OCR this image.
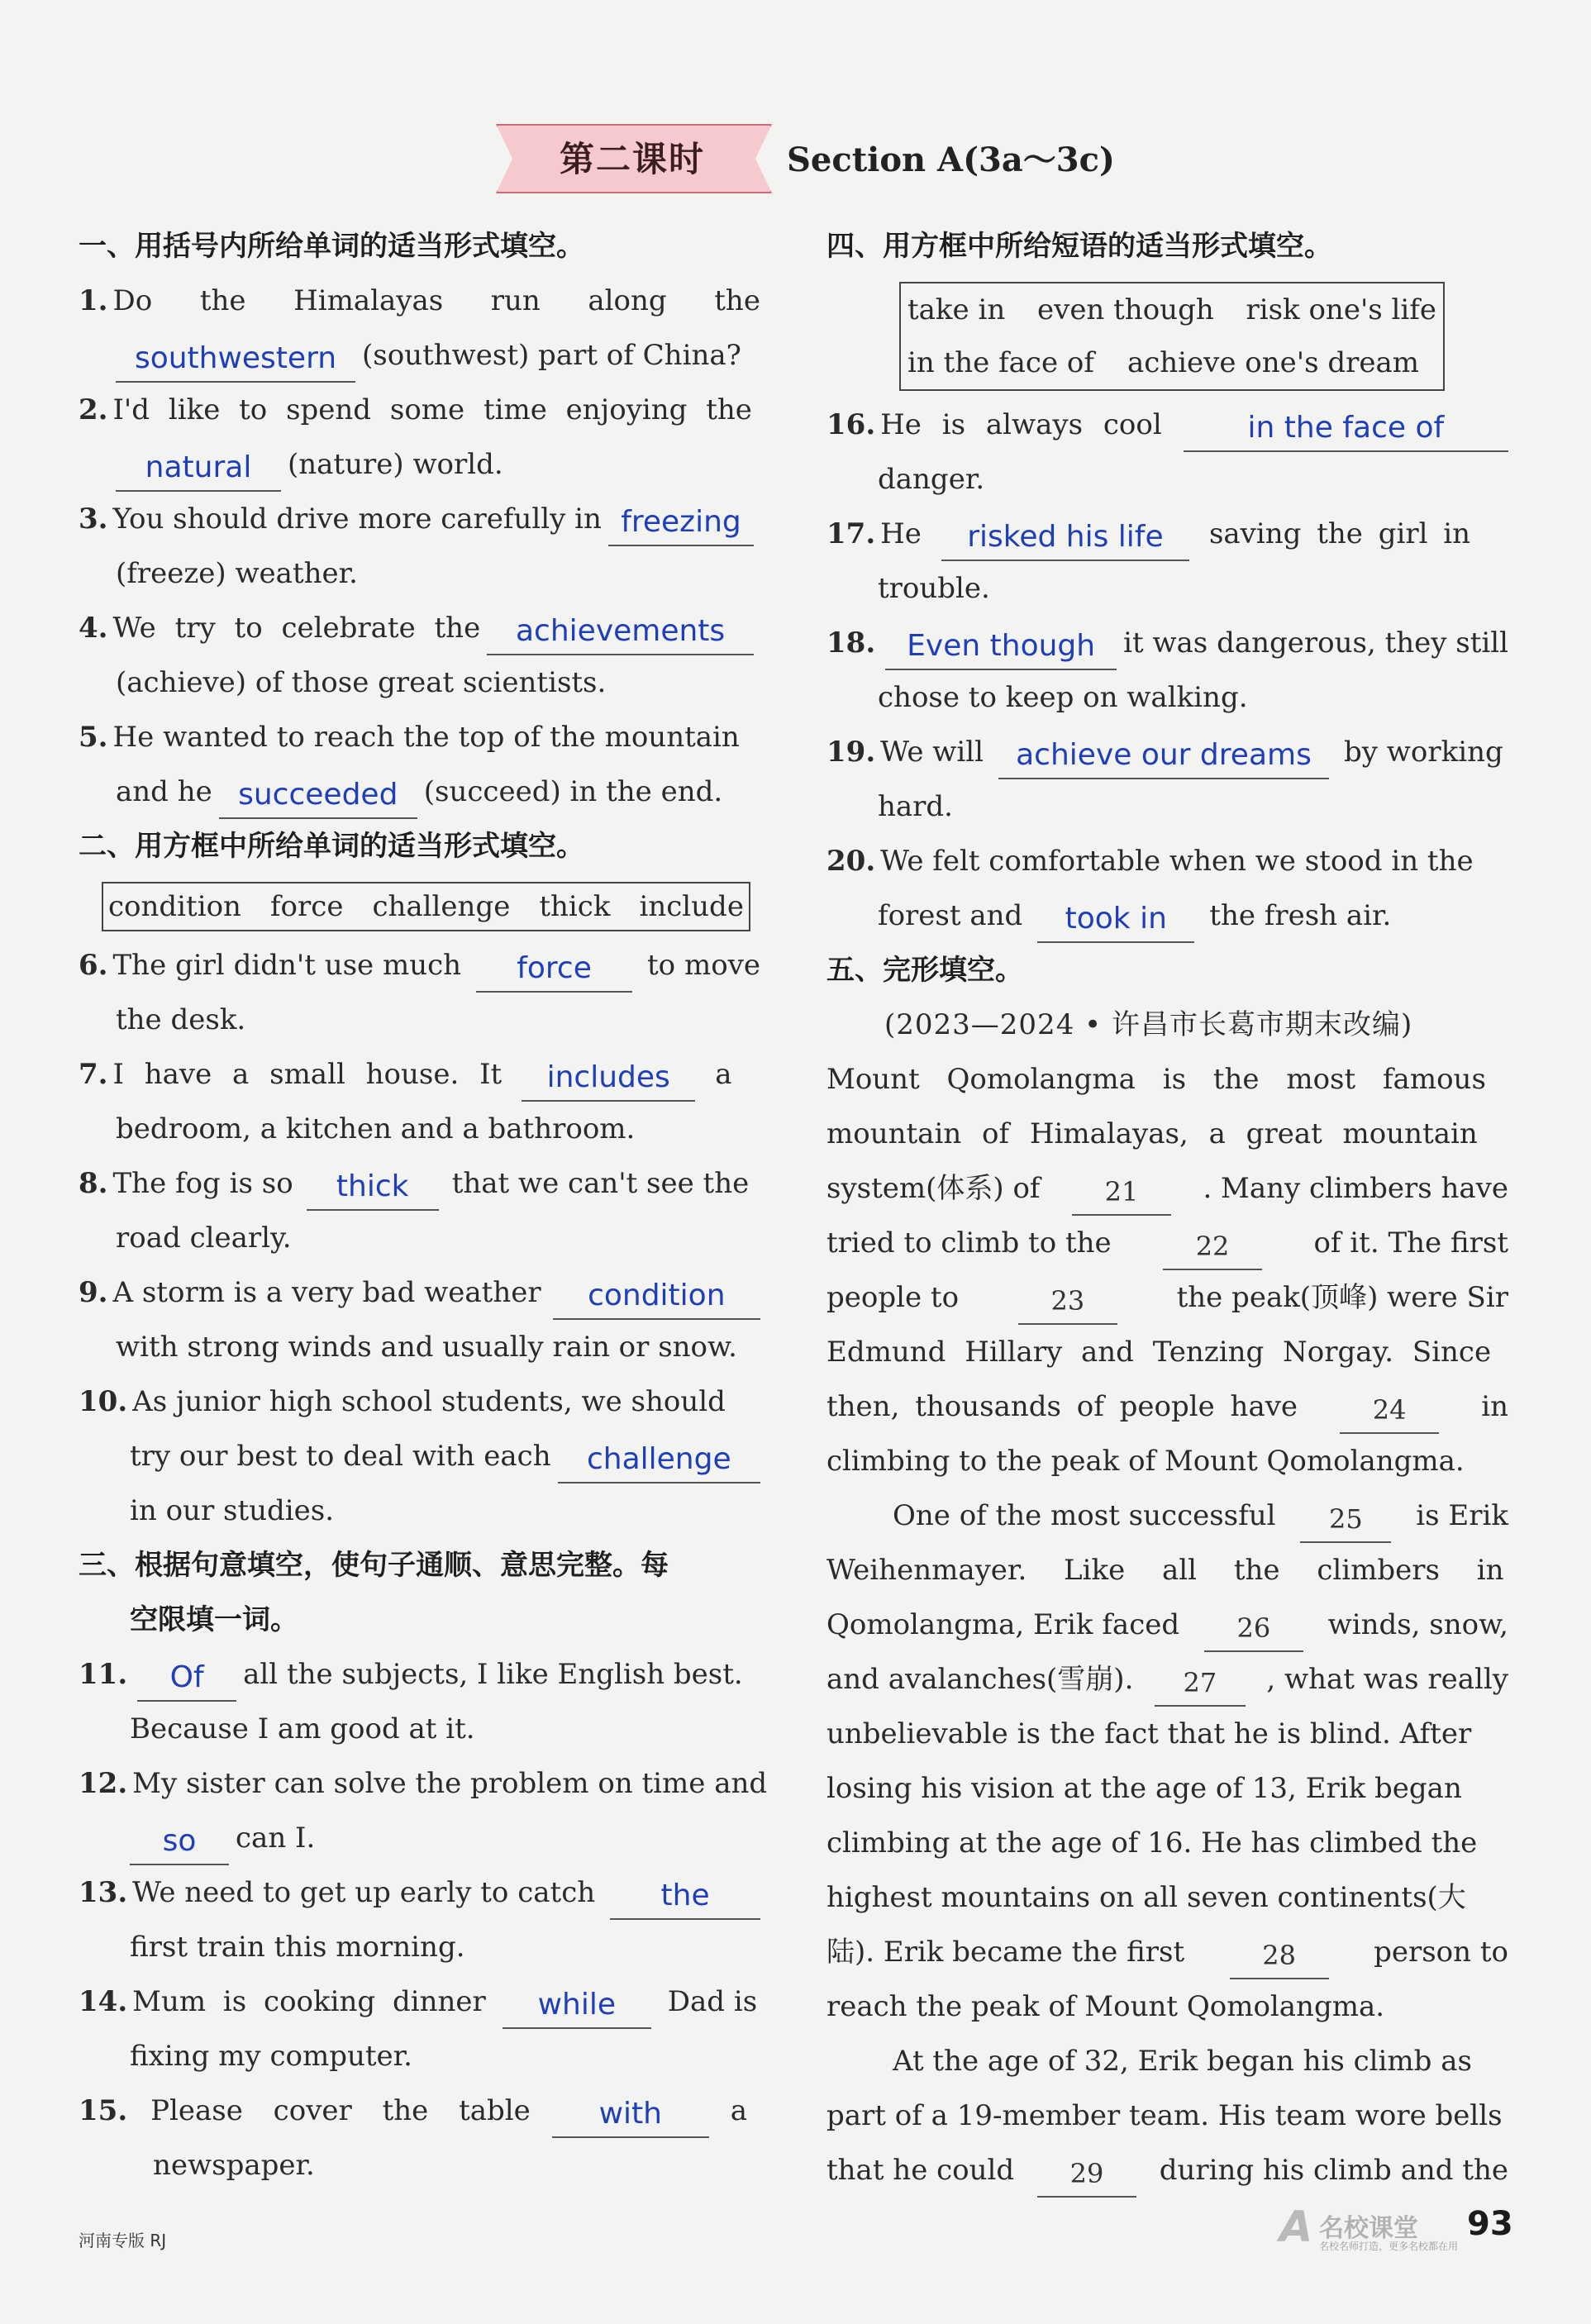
第二课时	Section A(3a～3c)
一、用括号内所给单词的适当形式填空。
1. Do the Himalayas run along the
southwestern (southwest) part of China?
2. I'd like to spend some time enjoying the
natural	(nature) world.
3. You should drive more carefully in freezing
(freeze) weather.
4. We try to celebrate the	achievements
(achieve) of those great scientists.
5. He wanted to reach the top of the mountain
and he succeeded (succeed) in the end.
二、用方框中所给单词的适当形式填空。
condition force challenge thick include
6. The girl didn't use much	force	to move
the desk.
7. I have a small house. It	includes	a
bedroom, a kitchen and a bathroom.
8. The fog is so	thick	that we can't see the
road clearly.
9. A storm is a very bad weather	condition
with strong winds and usually rain or snow.
10. As junior high school students, we should
try our best to deal with each	challenge
in our studies.
三、根据句意填空，使句子通顺、意思完整。每
空限填一词。
11.	Of	all the subjects, I like English best.
Because I am good at it.
12. My sister can solve the problem on time and
so	can I.
13. We need to get up early to catch	the
first train this morning.
14. Mum is cooking dinner	while	Dad is
fixing my computer.
15. Please cover the table	with	a
newspaper.
四、用方框中所给短语的适当形式填空。
take in even though risk one's life
in the face of achieve one's dream
16. He is always cool	in the face of
danger.
17. He	risked his life	saving the girl in
trouble.
18.	Even though	it was dangerous, they still
chose to keep on walking.
19. We will	achieve our dreams	by working
hard.
20. We felt comfortable when we stood in the
forest and	took in	the fresh air.
五、完形填空。
(2023—2024 • 许昌市长葛市期末改编)
Mount Qomolangma is the most famous
mountain of Himalayas, a great mountain
system(体系) of	21	. Many climbers have
tried to climb to the	22	of it. The first
people to	23	the peak(顶峰) were Sir
Edmund Hillary and Tenzing Norgay. Since
then, thousands of people have	24	in
climbing to the peak of Mount Qomolangma.
One of the most successful	25	is Erik
Weihenmayer. Like all the climbers in
Qomolangma, Erik faced	26	winds, snow,
and avalanches(雪崩).	27	, what was really
unbelievable is the fact that he is blind. After
losing his vision at the age of 13, Erik began
climbing at the age of 16. He has climbed the
highest mountains on all seven continents(大
陆). Erik became the first	28	person to
reach the peak of Mount Qomolangma.
At the age of 32, Erik began his climb as
part of a 19-member team. His team wore bells
that he could	29	during his climb and the
河南专版 RJ	A 名校课堂
名校名师打造，更多名校都在用
93
